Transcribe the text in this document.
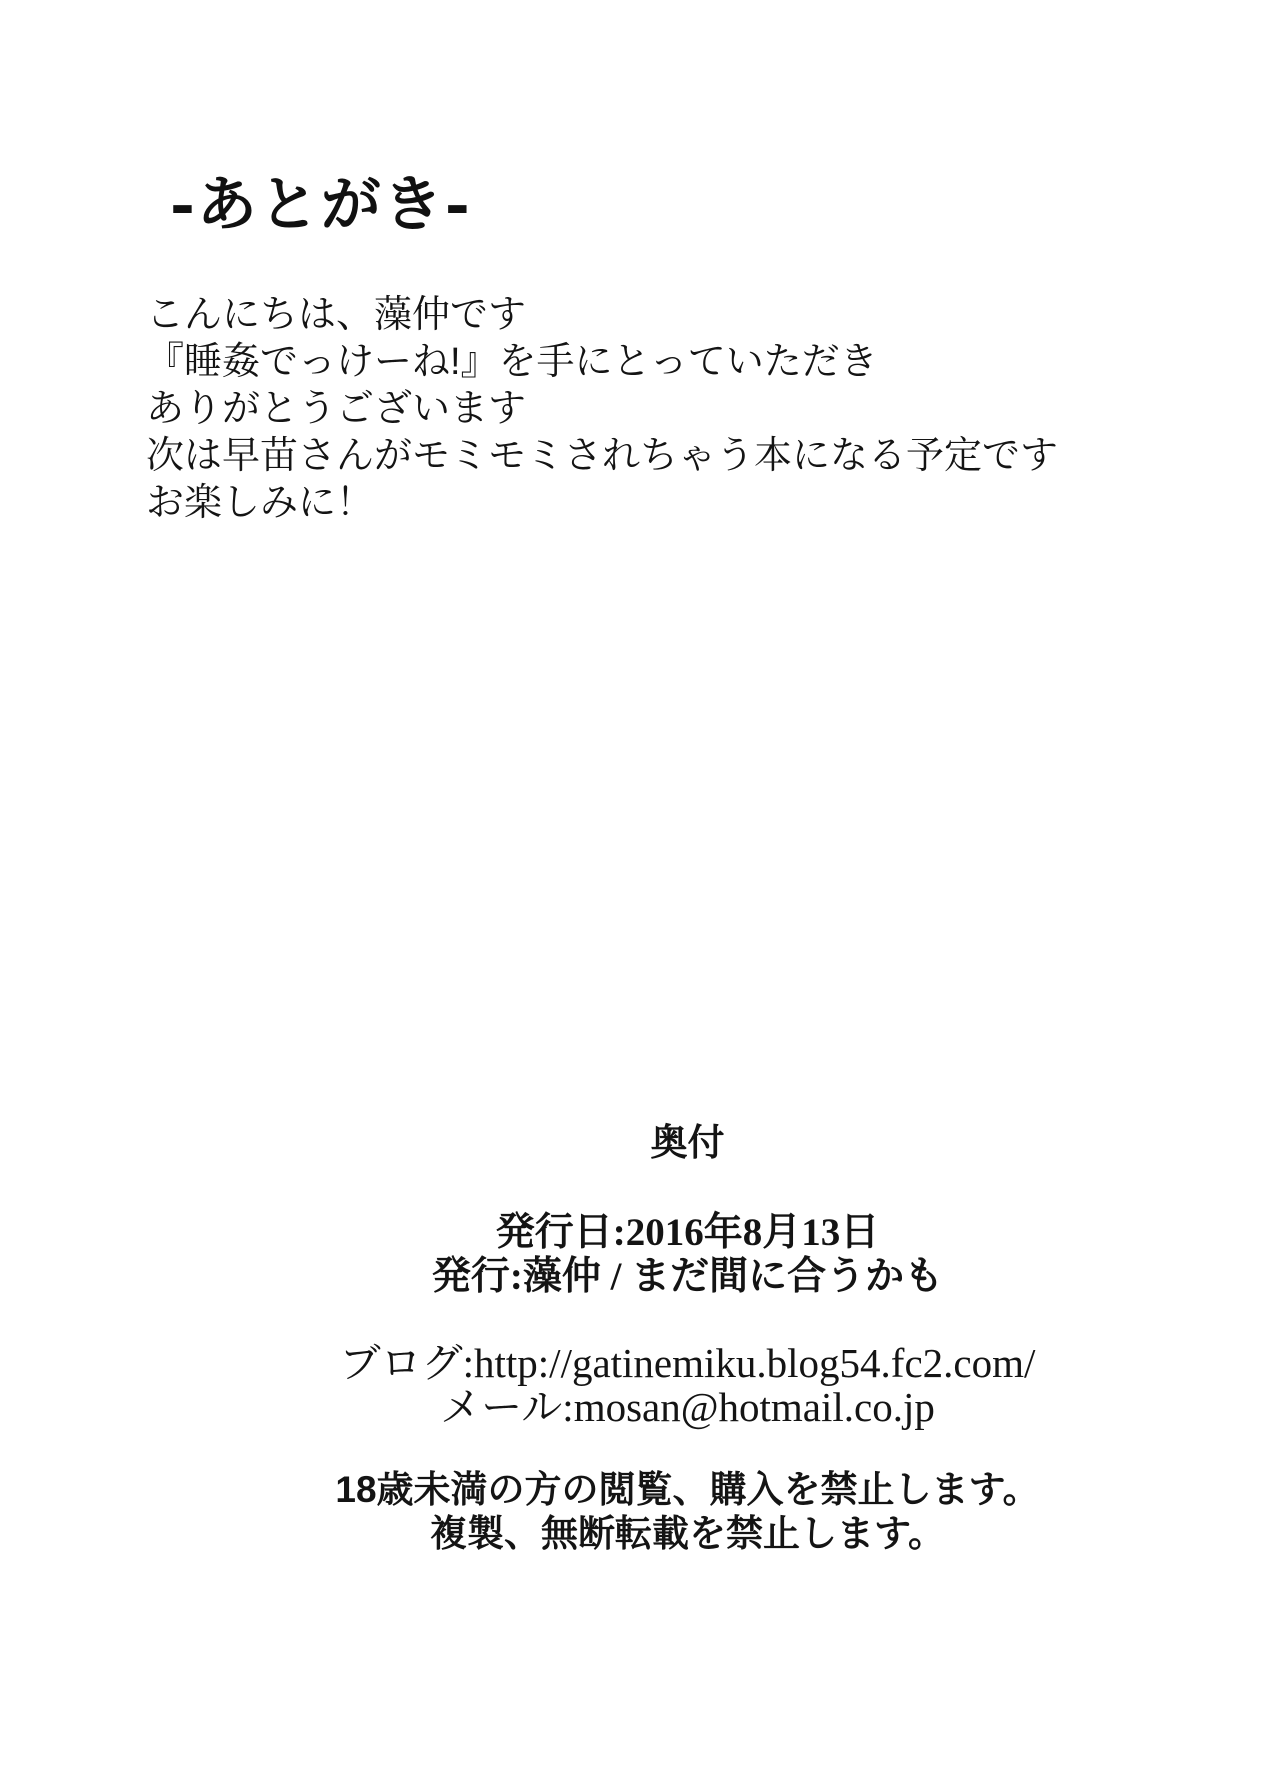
-あとがき-
こんにちは、藻仲です
『睡姦でっけーね!』を手にとっていただき
ありがとうございます
次は早苗さんがモミモミされちゃう本になる予定です
お楽しみに！
奥付
発行日:2016年8月13日
発行:藻仲 / まだ間に合うかも
ブログ:http://gatinemiku.blog54.fc2.com/
メール:mosan@hotmail.co.jp
18歳未満の方の閲覧、購入を禁止します。
複製、無断転載を禁止します。
